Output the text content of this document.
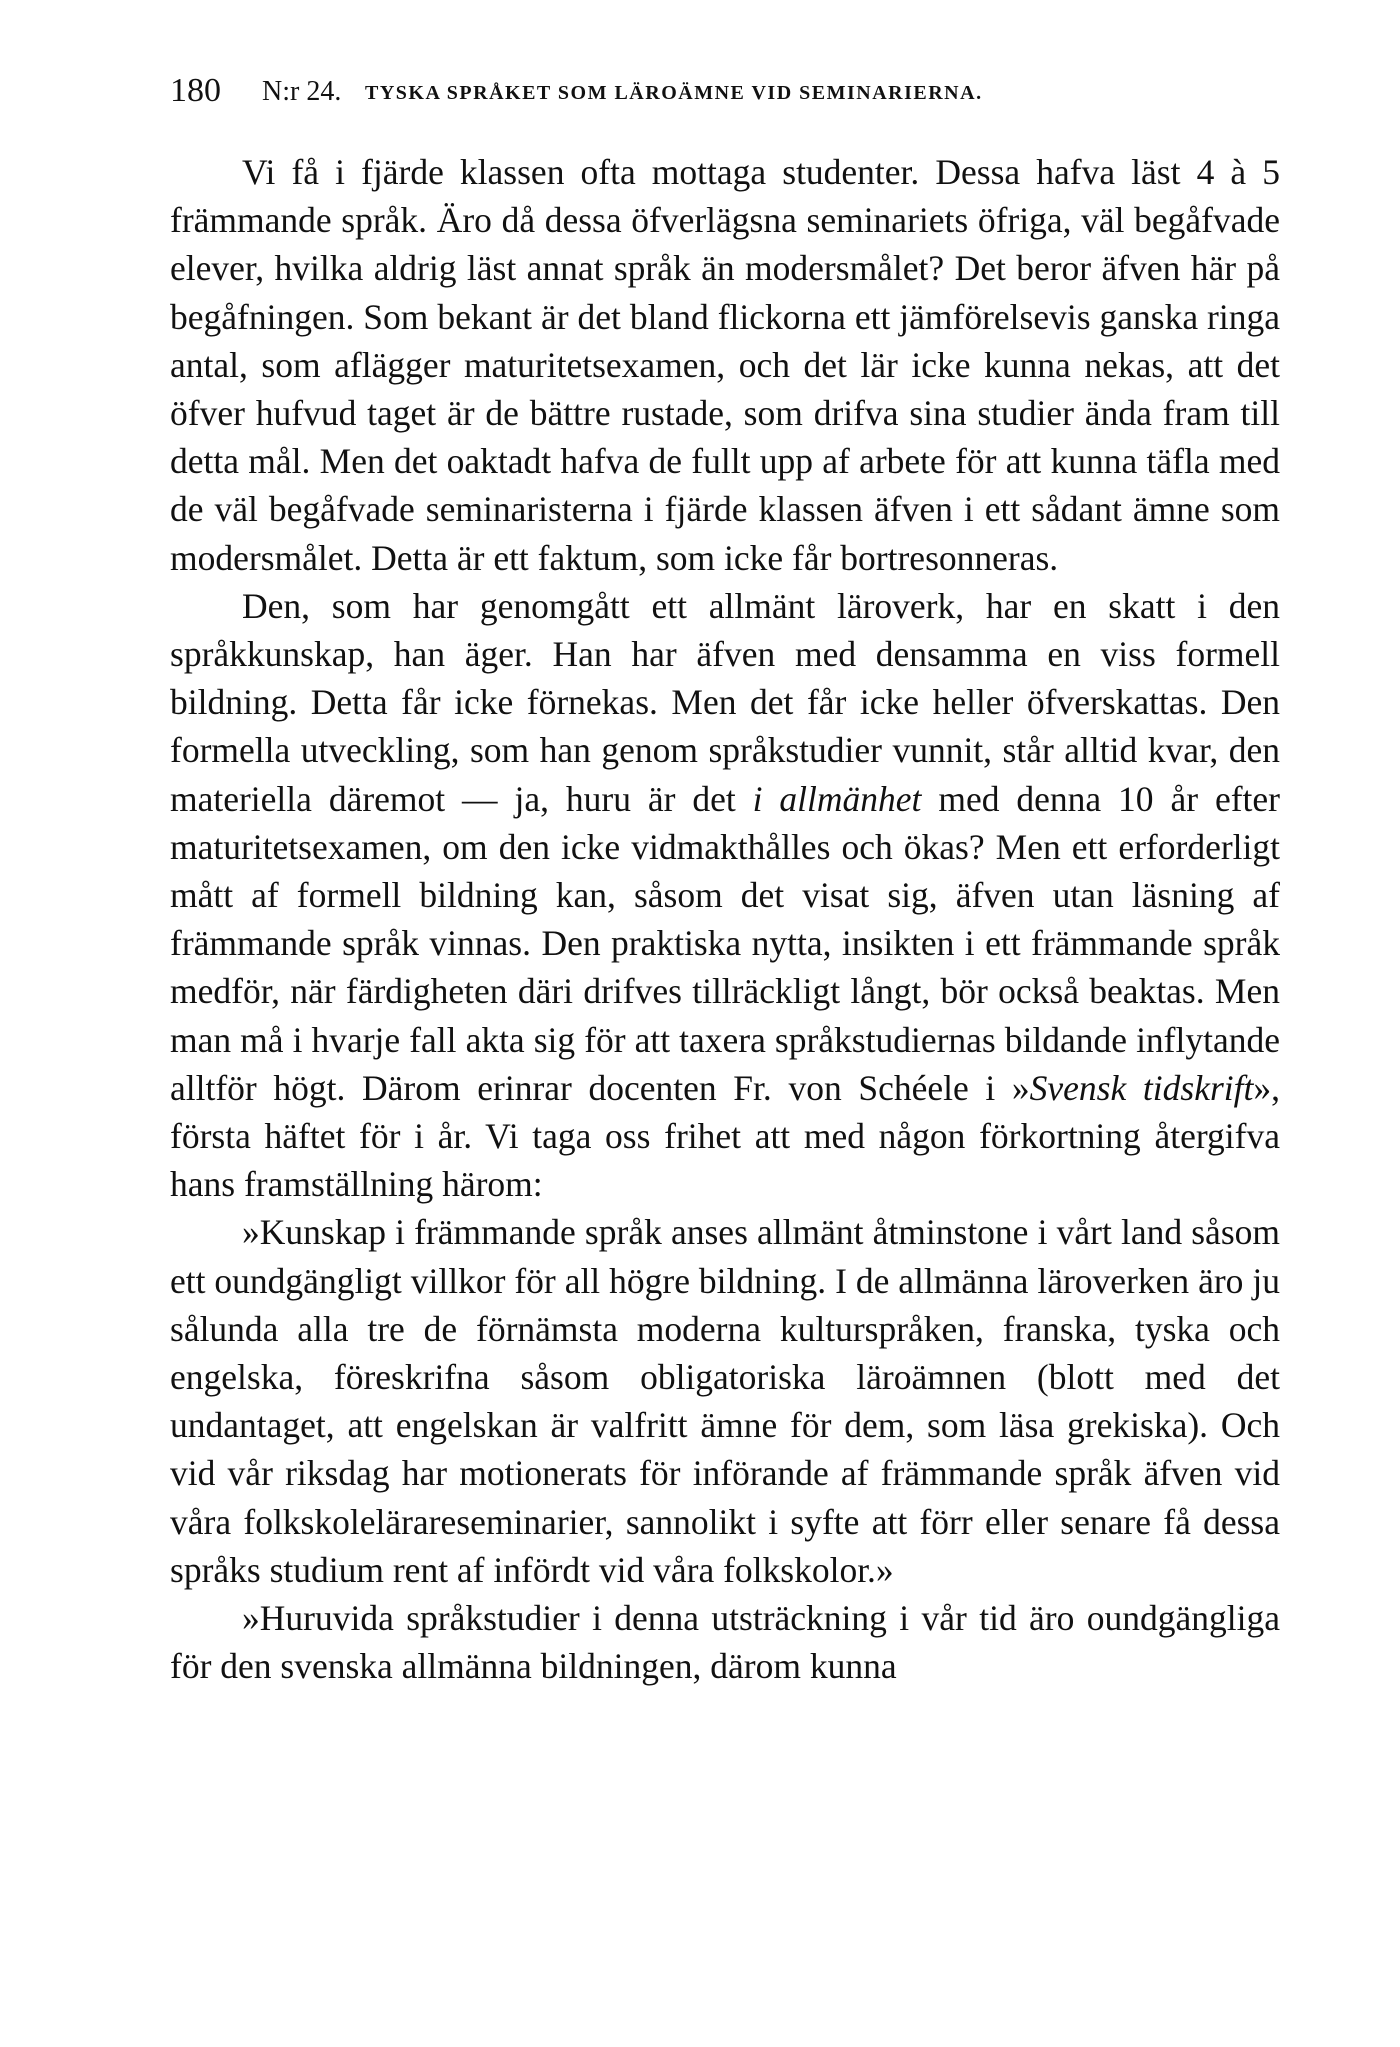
180 N:r 24. TYSKA SPRÅKET SOM LÄROÄMNE VID SEMINARIERNA.

Vi få i fjärde klassen ofta mottaga studenter. Dessa hafva läst 4 à 5 främmande språk. Äro då dessa öfverlägsna seminariets öfriga, väl begåfvade elever, hvilka aldrig läst annat språk än modersmålet? Det beror äfven här på begåfningen. Som bekant är det bland flickorna ett jämförelsevis ganska ringa antal, som aflägger maturitetsexamen, och det lär icke kunna nekas, att det öfver hufvud taget är de bättre rustade, som drifva sina studier ända fram till detta mål. Men det oaktadt hafva de fullt upp af arbete för att kunna täfla med de väl begåfvade seminaristerna i fjärde klassen äfven i ett sådant ämne som modersmålet. Detta är ett faktum, som icke får bortresonneras.

Den, som har genomgått ett allmänt läroverk, har en skatt i den språkkunskap, han äger. Han har äfven med densamma en viss formell bildning. Detta får icke förnekas. Men det får icke heller öfverskattas. Den formella utveckling, som han genom språkstudier vunnit, står alltid kvar, den materiella däremot — ja, huru är det i allmänhet med denna 10 år efter maturitetsexamen, om den icke vidmakthålles och ökas? Men ett erforderligt mått af formell bildning kan, såsom det visat sig, äfven utan läsning af främmande språk vinnas. Den praktiska nytta, insikten i ett främmande språk medför, när färdigheten däri drifves tillräckligt långt, bör också beaktas. Men man må i hvarje fall akta sig för att taxera språkstudiernas bildande inflytande alltför högt. Därom erinrar docenten Fr. von Schéele i »Svensk tidskrift», första häftet för i år. Vi taga oss frihet att med någon förkortning återgifva hans framställning härom:

»Kunskap i främmande språk anses allmänt åtminstone i vårt land såsom ett oundgängligt villkor för all högre bildning. I de allmänna läroverken äro ju sålunda alla tre de förnämsta moderna kulturspråken, franska, tyska och engelska, föreskrifna såsom obligatoriska läroämnen (blott med det undantaget, att engelskan är valfritt ämne för dem, som läsa grekiska). Och vid vår riksdag har motionerats för införande af främmande språk äfven vid våra folkskolelärareseminarier, sannolikt i syfte att förr eller senare få dessa språks studium rent af infördt vid våra folkskolor.»

»Huruvida språkstudier i denna utsträckning i vår tid äro oundgängliga för den svenska allmänna bildningen, därom kunna
